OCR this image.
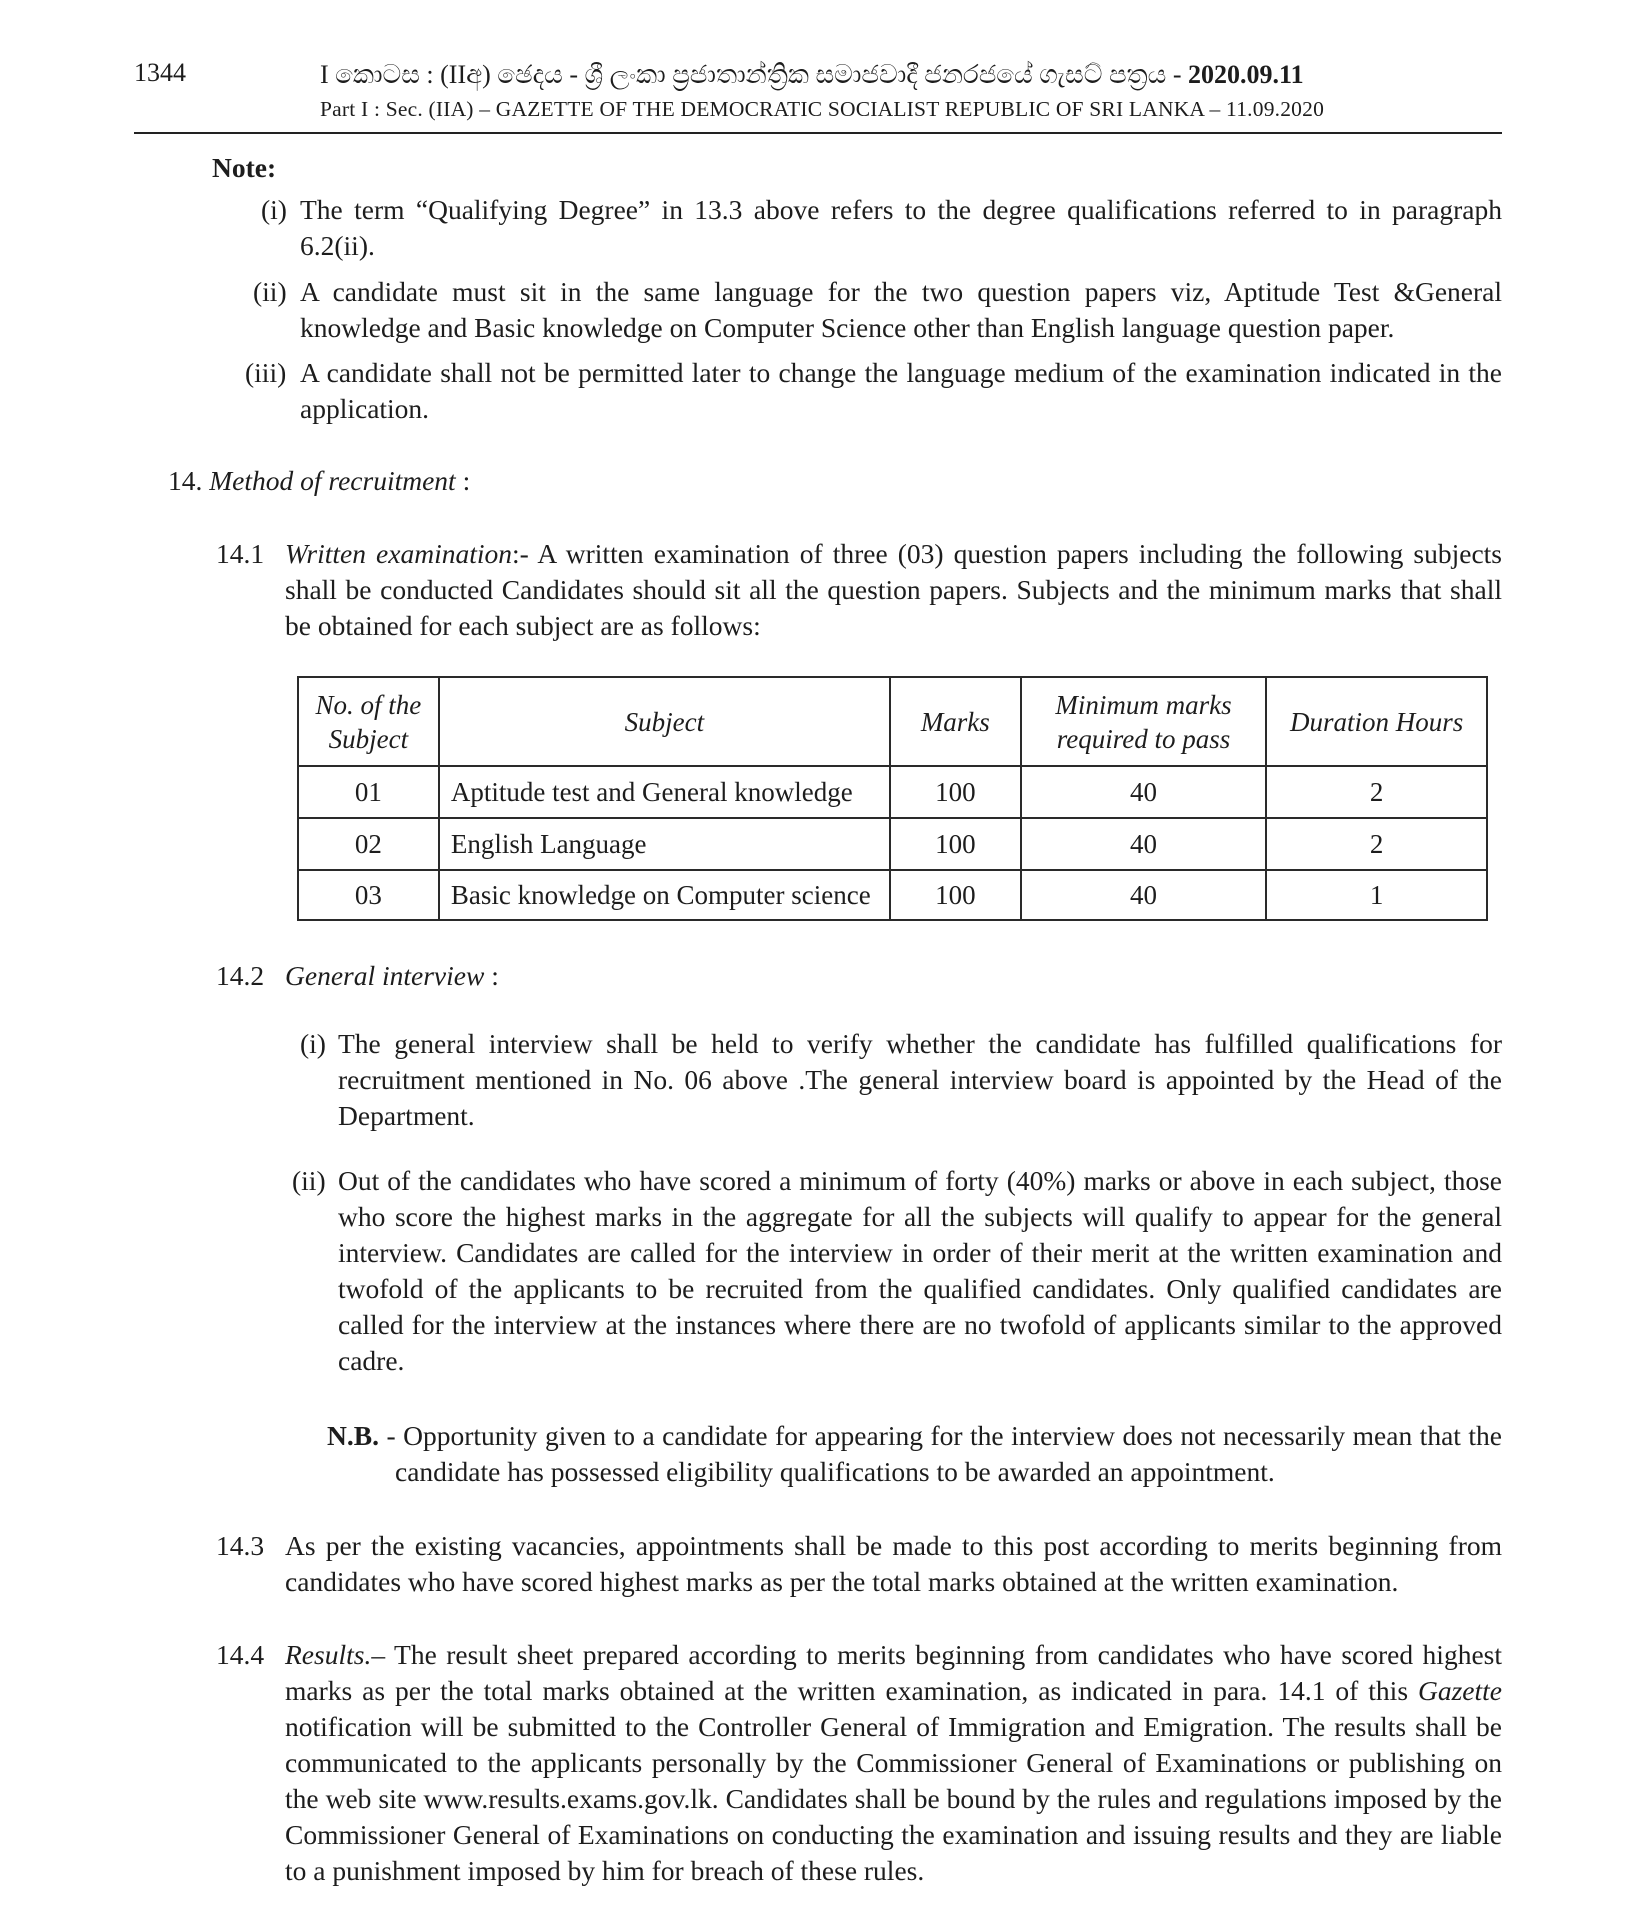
1344	I කොටස : (IIඅ) ඡෙදය - ශ්‍රී ලංකා ප්‍රජාතාන්ත්‍රික සමාජවාදී ජනරජයේ ගැසට් පත්‍රය - 2020.09.11
Part I : Sec. (IIA) – GAZETTE OF THE DEMOCRATIC SOCIALIST REPUBLIC OF SRI LANKA – 11.09.2020
Note:
(i) The term “Qualifying Degree” in 13.3 above refers to the degree qualifications referred to in paragraph 6.2(ii).
(ii) A candidate must sit in the same language for the two question papers viz, Aptitude Test &General knowledge and Basic knowledge on Computer Science other than English language question paper.
(iii) A candidate shall not be permitted later to change the language medium of the examination indicated in the application.
14. Method of recruitment :
14.1 Written examination:- A written examination of three (03) question papers including the following subjects shall be conducted Candidates should sit all the question papers. Subjects and the minimum marks that shall be obtained for each subject are as follows:
No. of the Subject	Subject	Marks	Minimum marks required to pass	Duration Hours
01	Aptitude test and General knowledge	100	40	2
02	English Language	100	40	2
03	Basic knowledge on Computer science	100	40	1
14.2 General interview :
(i) The general interview shall be held to verify whether the candidate has fulfilled qualifications for recruitment mentioned in No. 06 above .The general interview board is appointed by the Head of the Department.
(ii) Out of the candidates who have scored a minimum of forty (40%) marks or above in each subject, those who score the highest marks in the aggregate for all the subjects will qualify to appear for the general interview. Candidates are called for the interview in order of their merit at the written examination and twofold of the applicants to be recruited from the qualified candidates. Only qualified candidates are called for the interview at the instances where there are no twofold of applicants similar to the approved cadre.
N.B. - Opportunity given to a candidate for appearing for the interview does not necessarily mean that the candidate has possessed eligibility qualifications to be awarded an appointment.
14.3 As per the existing vacancies, appointments shall be made to this post according to merits beginning from candidates who have scored highest marks as per the total marks obtained at the written examination.
14.4 Results.– The result sheet prepared according to merits beginning from candidates who have scored highest marks as per the total marks obtained at the written examination, as indicated in para. 14.1 of this Gazette notification will be submitted to the Controller General of Immigration and Emigration. The results shall be communicated to the applicants personally by the Commissioner General of Examinations or publishing on the web site www.results.exams.gov.lk. Candidates shall be bound by the rules and regulations imposed by the Commissioner General of Examinations on conducting the examination and issuing results and they are liable to a punishment imposed by him for breach of these rules.
